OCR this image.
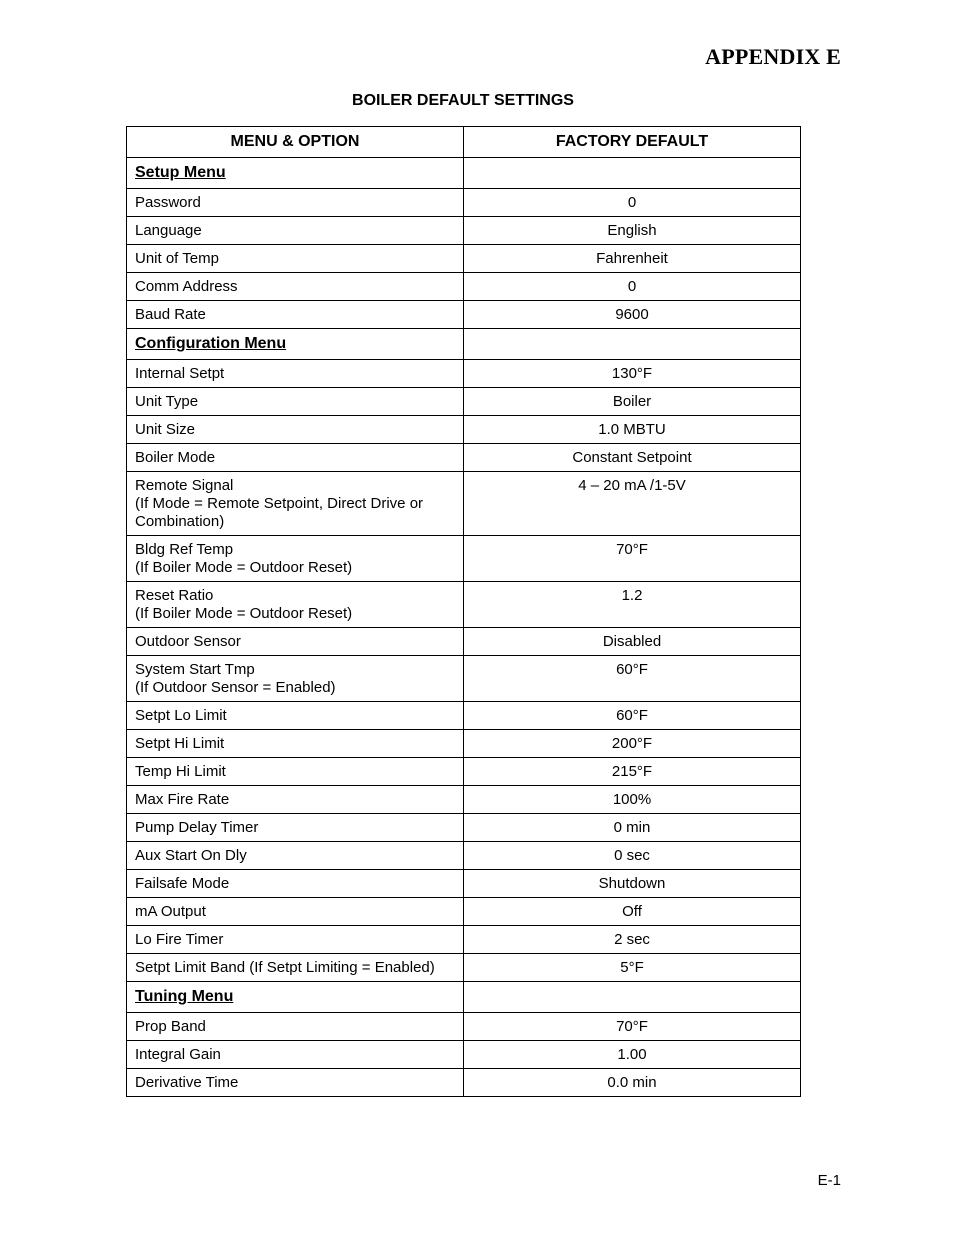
APPENDIX E
BOILER DEFAULT SETTINGS
MENU & OPTION	FACTORY DEFAULT

Setup Menu	

Password	0

Language	English

Unit of Temp	Fahrenheit

Comm Address	0

Baud Rate	9600

Configuration Menu	

Internal Setpt	130°F

Unit Type	Boiler

Unit Size	1.0 MBTU

Boiler Mode	Constant Setpoint

Remote Signal
(If Mode = Remote Setpoint, Direct Drive or
Combination)	4 – 20 mA /1-5V

Bldg Ref Temp
(If Boiler Mode = Outdoor Reset)	70°F

Reset Ratio
(If Boiler Mode = Outdoor Reset)	1.2

Outdoor Sensor	Disabled

System Start Tmp
(If Outdoor Sensor = Enabled)	60°F

Setpt Lo Limit	60°F

Setpt Hi Limit	200°F

Temp Hi Limit	215°F

Max Fire Rate	100%

Pump Delay Timer	0 min

Aux Start On Dly	0 sec

Failsafe Mode	Shutdown

mA Output	Off

Lo Fire Timer	2 sec

Setpt Limit Band (If Setpt Limiting = Enabled)	5°F

Tuning Menu	

Prop Band	70°F

Integral Gain	1.00

Derivative Time	0.0 min
E-1
